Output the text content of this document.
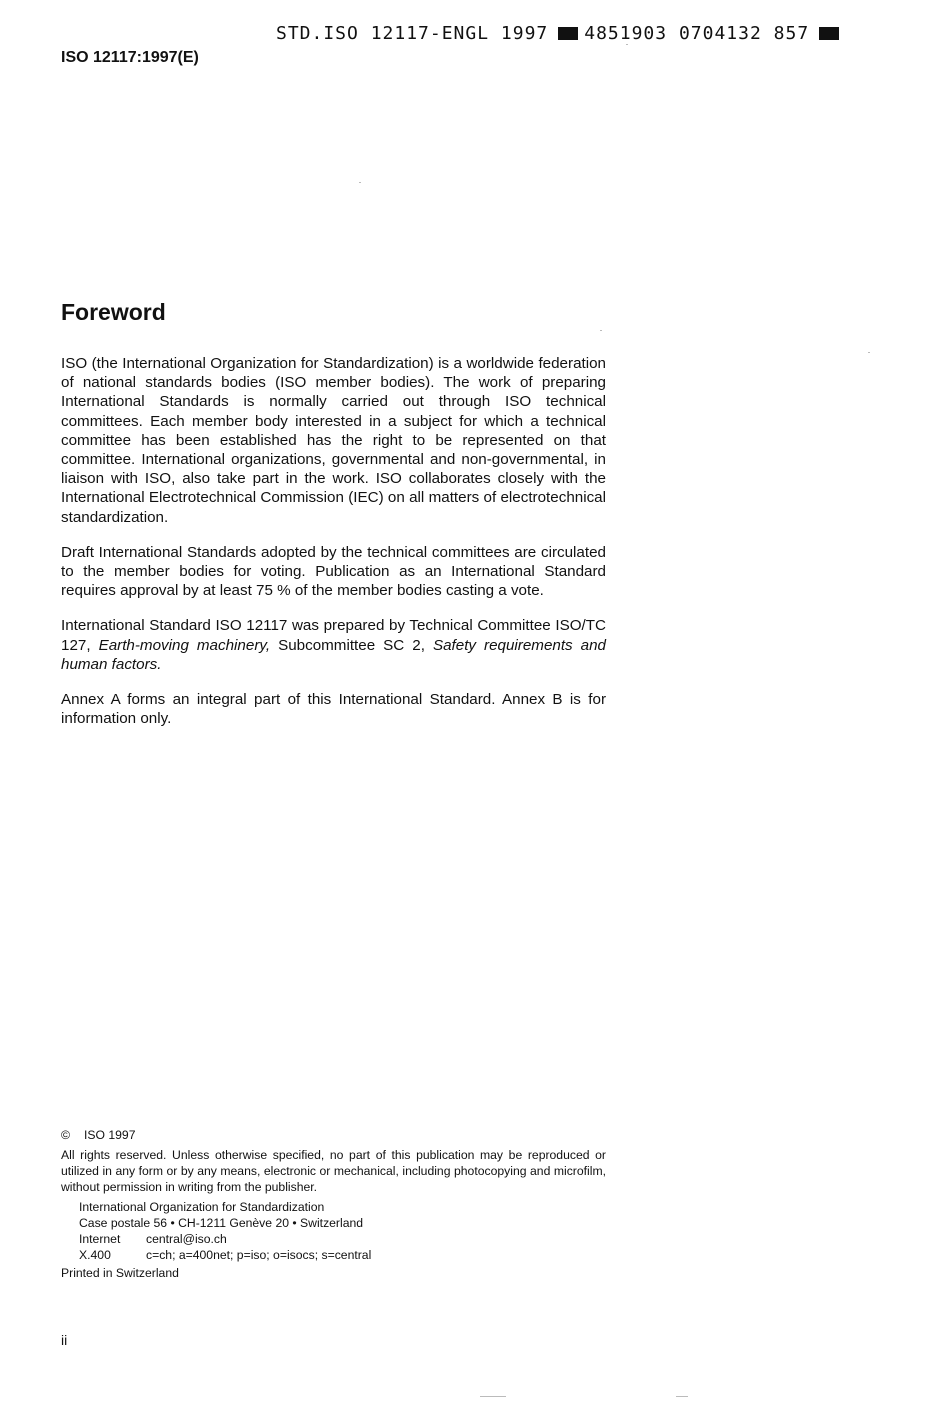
STD.ISO 12117-ENGL 1997 4851903 0704132 857
ISO 12117:1997(E)
Foreword

ISO (the International Organization for Standardization) is a worldwide federation of national standards bodies (ISO member bodies). The work of preparing International Standards is normally carried out through ISO technical committees. Each member body interested in a subject for which a technical committee has been established has the right to be represented on that committee. International organizations, governmental and non-governmental, in liaison with ISO, also take part in the work. ISO collaborates closely with the International Electrotechnical Commission (IEC) on all matters of electrotechnical standardization.

Draft International Standards adopted by the technical committees are circulated to the member bodies for voting. Publication as an International Standard requires approval by at least 75 % of the member bodies casting a vote.

International Standard ISO 12117 was prepared by Technical Committee ISO/TC 127, Earth-moving machinery, Subcommittee SC 2, Safety requirements and human factors.

Annex A forms an integral part of this International Standard. Annex B is for information only.

© ISO 1997

All rights reserved. Unless otherwise specified, no part of this publication may be reproduced or utilized in any form or by any means, electronic or mechanical, including photocopying and microfilm, without permission in writing from the publisher.

International Organization for Standardization
Case postale 56 • CH-1211 Genève 20 • Switzerland
Internet central@iso.ch
X.400	c=ch; a=400net; p=iso; o=isocs; s=central
Printed in Switzerland
ii
